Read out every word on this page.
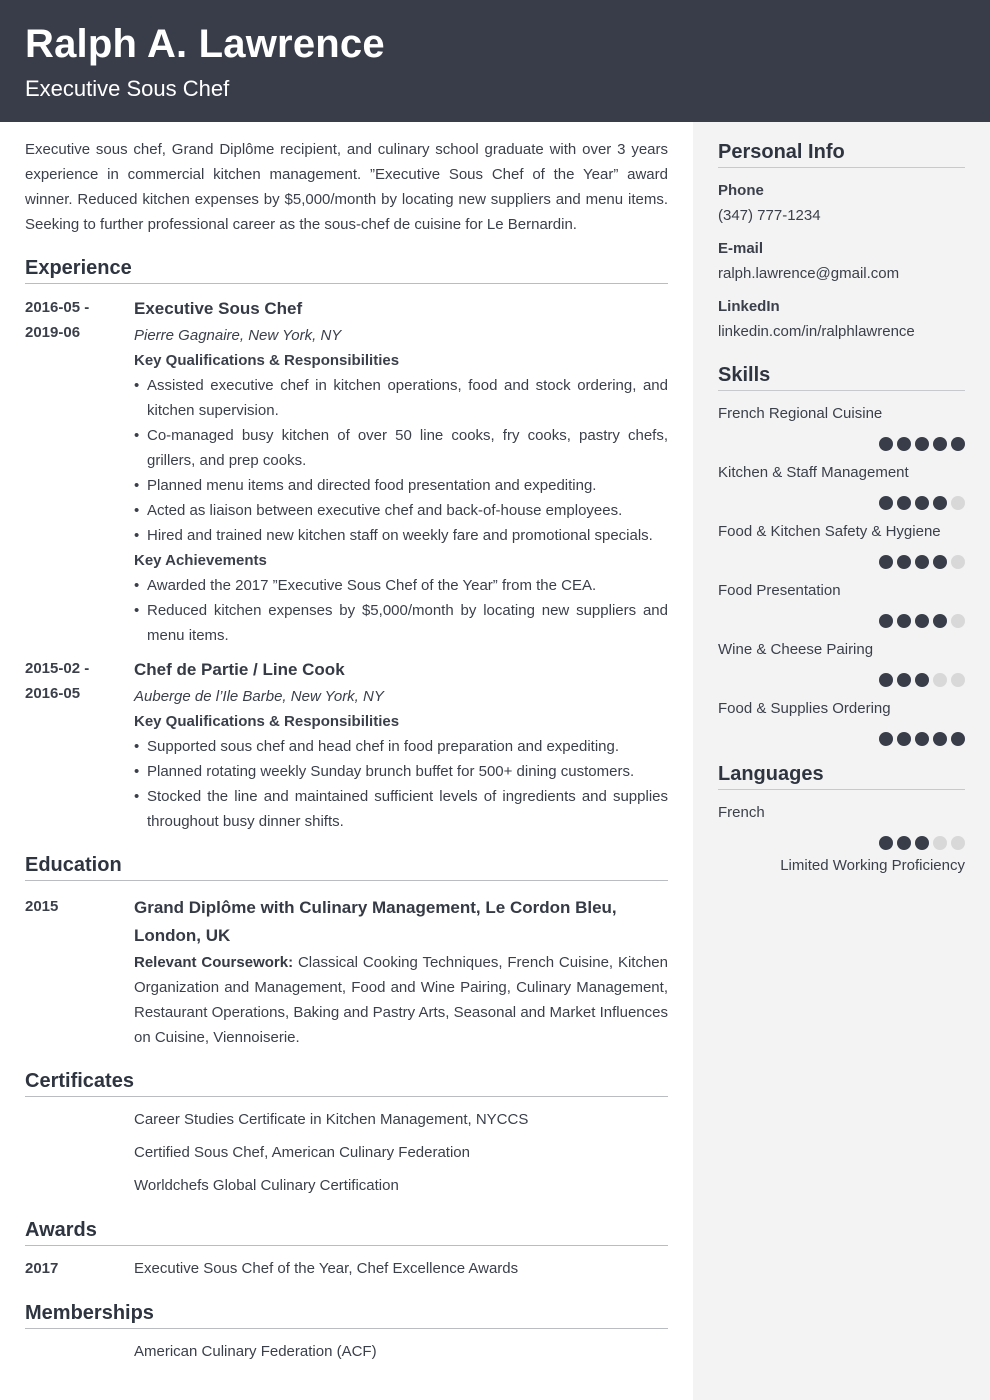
Ralph A. Lawrence
Executive Sous Chef

Executive sous chef, Grand Diplôme recipient, and culinary school graduate with over 3 years experience in commercial kitchen management. ”Executive Sous Chef of the Year” award winner. Reduced kitchen expenses by $5,000/month by locating new suppliers and menu items. Seeking to further professional career as the sous-chef de cuisine for Le Bernardin.

Experience
2016-05 -
2019-06
Executive Sous Chef
Pierre Gagnaire, New York, NY
Key Qualifications & Responsibilities
• Assisted executive chef in kitchen operations, food and stock ordering, and kitchen supervision.
• Co-managed busy kitchen of over 50 line cooks, fry cooks, pastry chefs, grillers, and prep cooks.
• Planned menu items and directed food presentation and expediting.
• Acted as liaison between executive chef and back-of-house employees.
• Hired and trained new kitchen staff on weekly fare and promotional specials.
Key Achievements
• Awarded the 2017 ”Executive Sous Chef of the Year” from the CEA.
• Reduced kitchen expenses by $5,000/month by locating new suppliers and menu items.
2015-02 -
2016-05
Chef de Partie / Line Cook
Auberge de l’Ile Barbe, New York, NY
Key Qualifications & Responsibilities
• Supported sous chef and head chef in food preparation and expediting.
• Planned rotating weekly Sunday brunch buffet for 500+ dining customers.
• Stocked the line and maintained sufficient levels of ingredients and supplies throughout busy dinner shifts.
Education
2015	Grand Diplôme with Culinary Management, Le Cordon Bleu, London, UK
Relevant Coursework: Classical Cooking Techniques, French Cuisine, Kitchen Organization and Management, Food and Wine Pairing, Culinary Management, Restaurant Operations, Baking and Pastry Arts, Seasonal and Market Influences on Cuisine, Viennoiserie.
Certificates
Career Studies Certificate in Kitchen Management, NYCCS
Certified Sous Chef, American Culinary Federation
Worldchefs Global Culinary Certification
Awards
2017	Executive Sous Chef of the Year, Chef Excellence Awards
Memberships
American Culinary Federation (ACF)
Personal Info
Phone
(347) 777-1234
E-mail
ralph.lawrence@gmail.com
LinkedIn
linkedin.com/in/ralphlawrence
Skills
French Regional Cuisine
Kitchen & Staff Management
Food & Kitchen Safety & Hygiene
Food Presentation
Wine & Cheese Pairing
Food & Supplies Ordering
Languages
French
Limited Working Proficiency
